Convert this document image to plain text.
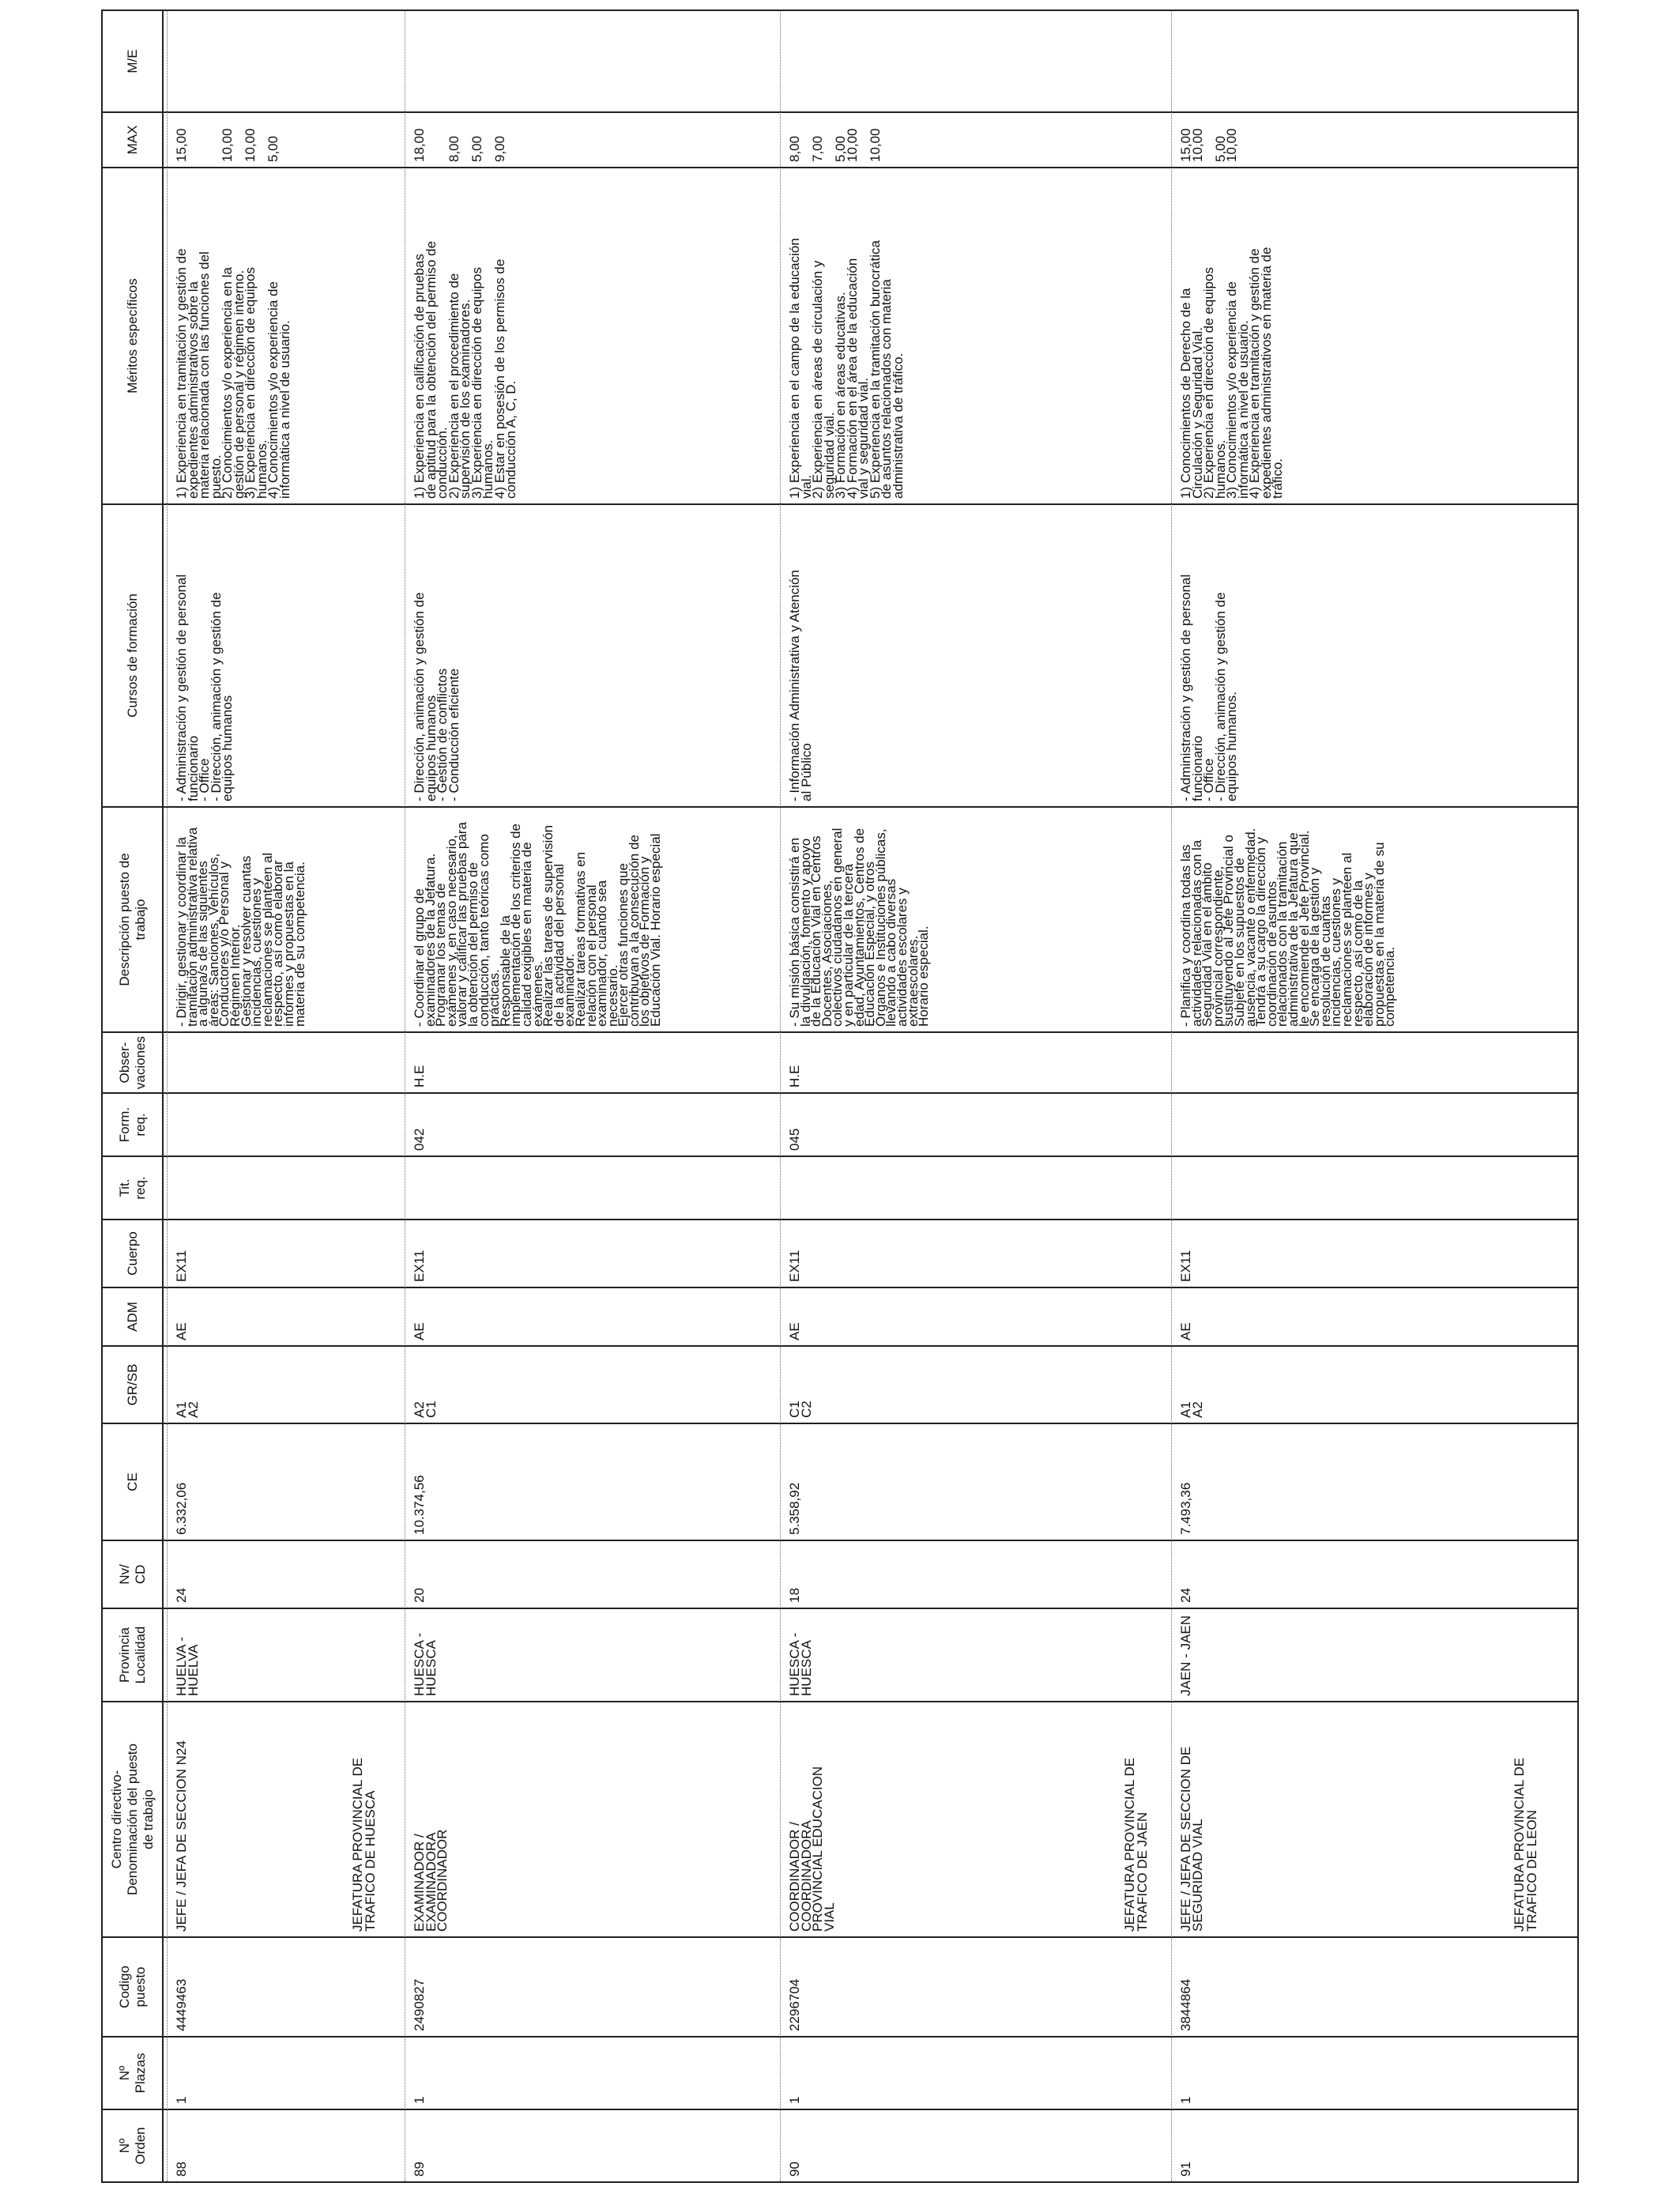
Nº
Orden
Nº
Plazas
Codigo
puesto
Centro directivo-
Denominación del puesto
de trabajo
Provincia
Localidad
Nv/
CD
CE
GR/SB
ADM
Cuerpo
Tit.
req.
Form.
req.
Obser-
vaciones
Descripción puesto de
trabajo
Cursos de formación
Méritos específicos
MAX
M/E
88
1
4449463
JEFE / JEFA DE SECCION N24
HUELVA -
HUELVA
24
6.332,06
A1
A2
AE
EX11
- Dirigir, gestionar y coordinar la
tramitación administrativa relativa
a alguna/s de las siguientes
áreas: Sanciones, Vehículos,
Conductores y/o Personal y
Régimen Interior.
Gestionar y resolver cuantas
incidencias, cuestiones y
reclamaciones se planteen al
respecto, así como elaborar
informes y propuestas en la
materia de su competencia.
- Administración y gestión de personal
funcionario
- Office
- Dirección, animación y gestión de
equipos humanos
1) Experiencia en tramitación y gestión de
expedientes administrativos sobre la
materia relacionada con las funciones del
puesto.
2) Conocimientos y/o experiencia en la
gestión de personal y régimen interno.
3) Experiencia en dirección de equipos
humanos.
4) Conocimientos y/o experiencia de
informática a nivel de usuario.
15,00

10,00

10,00

5,00
89
1
2490827
EXAMINADOR /
EXAMINADORA
COORDINADOR
HUESCA -
HUESCA
20
10.374,56
A2
C1
AE
EX11
042
H.E
- Coordinar el grupo de
examinadores de la Jefatura.
Programar los temas de
exámenes y, en caso necesario,
valorar y calificar las pruebas para
la obtención del permiso de
conducción, tanto teóricas como
prácticas.
Responsable de la
implementación de los criterios de
calidad exigibles en materia de
exámenes.
Realizar las tareas de supervisión
de la actividad del personal
examinador.
Realizar tareas formativas en
relación con el personal
examinador, cuando sea
necesario.
Ejercer otras funciones que
contribuyan a la consecución de
los objetivos de Formación y
Educación Vial. Horario especial
- Dirección, animación y gestión de
equipos humanos
- Gestión de conflictos
- Conducción eficiente
1) Experiencia en calificación de pruebas
de aptitud para la obtención del permiso de
conducción.
2) Experiencia en el procedimiento de
supervisión de los examinadores.
3) Experiencia en dirección de equipos
humanos.
4) Estar en posesión de los permisos de
conducción A, C, D.
18,00

8,00

5,00

9,00
90
1
2296704
COORDINADOR /
COORDINADORA
PROVINCIAL EDUCACION
VIAL
HUESCA -
HUESCA
18
5.358,92
C1
C2
AE
EX11
045
H.E
- Su misión básica consistirá en
la divulgación, fomento y apoyo
de la Educación Vial en Centros
Docentes, Asociaciones,
colectivos ciudadanos en general
y en particular de la tercera
edad, Ayuntamientos, Centros de
Educación Especial, y otros
Órganos e Instituciones públicas,
llevando a cabo diversas
actividades escolares y
extraescolares.
Horario especial.
- Información Administrativa y Atención
al Público
1) Experiencia en el campo de la educación
vial.
2) Experiencia en áreas de circulación y
seguridad vial.
3) Formación en áreas educativas.
4) Formación en el área de la educación
vial y seguridad vial.
5) Experiencia en la tramitación burocrática
de asuntos relacionados con materia
administrativa de tráfico.
8,00

7,00

5,00
10,00

10,00
91
1
3844864
JEFE / JEFA DE SECCION DE
SEGURIDAD VIAL
JAEN - JAEN
24
7.493,36
A1
A2
AE
EX11
- Planifica y coordina todas las
actividades relacionadas con la
Seguridad Vial en el ámbito
provincial correspondiente,
sustituyendo al Jefe Provincial o
Subjefe en los supuestos de
ausencia, vacante o enfermedad.
Tendrá a su cargo la dirección y
coordinación de asuntos
relacionados con la tramitación
administrativa de la Jefatura que
le encomiende el Jefe Provincial.
Se encarga de la gestión y
resolución de cuantas
incidencias, cuestiones y
reclamaciones se planteen al
respecto, así como de la
elaboración de informes y
propuestas en la materia de su
competencia.
- Administración y gestión de personal
funcionario
- Office
- Dirección, animación y gestión de
equipos humanos.
1) Conocimientos de Derecho de la
Circulación y Seguridad Vial.
2) Experiencia en dirección de equipos
humanos.
3) Conocimientos y/o experiencia de
informática a nivel de usuario.
4) Experiencia en tramitación y gestión de
expedientes administrativos en materia de
tráfico.
15,00
10,00

5,00
10,00
JEFATURA PROVINCIAL DE
TRAFICO DE HUESCA
JEFATURA PROVINCIAL DE
TRAFICO DE JAEN
JEFATURA PROVINCIAL DE
TRAFICO DE LEON
